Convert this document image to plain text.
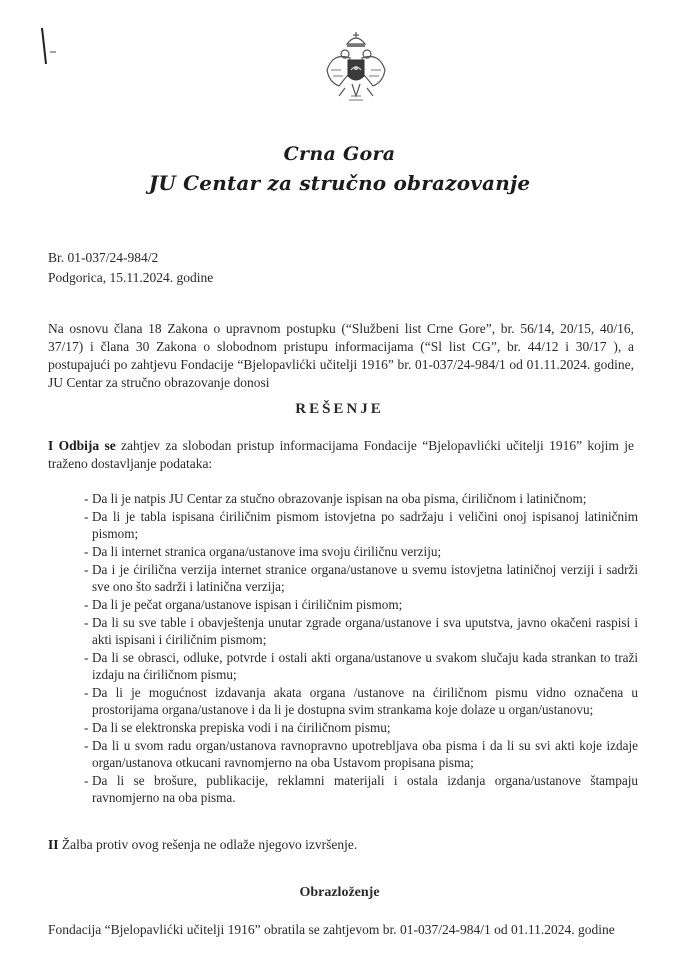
Crna Gora
JU Centar za stručno obrazovanje
Br. 01-037/24-984/2
Podgorica, 15.11.2024. godine

Na osnovu člana 18 Zakona o upravnom postupku (“Službeni list Crne Gore”, br. 56/14, 20/15, 40/16, 37/17) i člana 30 Zakona o slobodnom pristupu informacijama (“Sl list CG”, br. 44/12 i 30/17 ), a postupajući po zahtjevu Fondacije “Bjelopavlićki učitelji 1916” br. 01-037/24-984/1 od 01.11.2024. godine, JU Centar za stručno obrazovanje donosi

REŠENJE

I Odbija se zahtjev za slobodan pristup informacijama Fondacije “Bjelopavlićki učitelji 1916” kojim je traženo dostavljanje podataka:

- Da li je natpis JU Centar za stučno obrazovanje ispisan na oba pisma, ćiriličnom i latiničnom;
- Da li je tabla ispisana ćiriličnim pismom istovjetna po sadržaju i veličini onoj ispisanoj latiničnim pismom;
- Da li internet stranica organa/ustanove ima svoju ćiriličnu verziju;
- Da i je ćirilična verzija internet stranice organa/ustanove u svemu istovjetna latiničnoj verziji i sadrži sve ono što sadrži i latinična verzija;
- Da li je pečat organa/ustanove ispisan i ćiriličnim pismom;
- Da li su sve table i obavještenja unutar zgrade organa/ustanove i sva uputstva, javno okačeni raspisi i akti ispisani i ćiriličnim pismom;
- Da li se obrasci, odluke, potvrde i ostali akti organa/ustanove u svakom slučaju kada strankan to traži izdaju na ćiriličnom pismu;
- Da li je mogućnost izdavanja akata organa /ustanove na ćiriličnom pismu vidno označena u prostorijama organa/ustanove i da li je dostupna svim strankama koje dolaze u organ/ustanovu;
- Da li se elektronska prepiska vodi i na ćiriličnom pismu;
- Da li u svom radu organ/ustanova ravnopravno upotrebljava oba pisma i da li su svi akti koje izdaje organ/ustanova otkucani ravnomjerno na oba Ustavom propisana pisma;
- Da li se brošure, publikacije, reklamni materijali i ostala izdanja organa/ustanove štampaju ravnomjerno na oba pisma.

II Žalba protiv ovog rešenja ne odlaže njegovo izvršenje.

Obrazloženje

Fondacija “Bjelopavlićki učitelji 1916” obratila se zahtjevom br. 01-037/24-984/1 od 01.11.2024. godine
